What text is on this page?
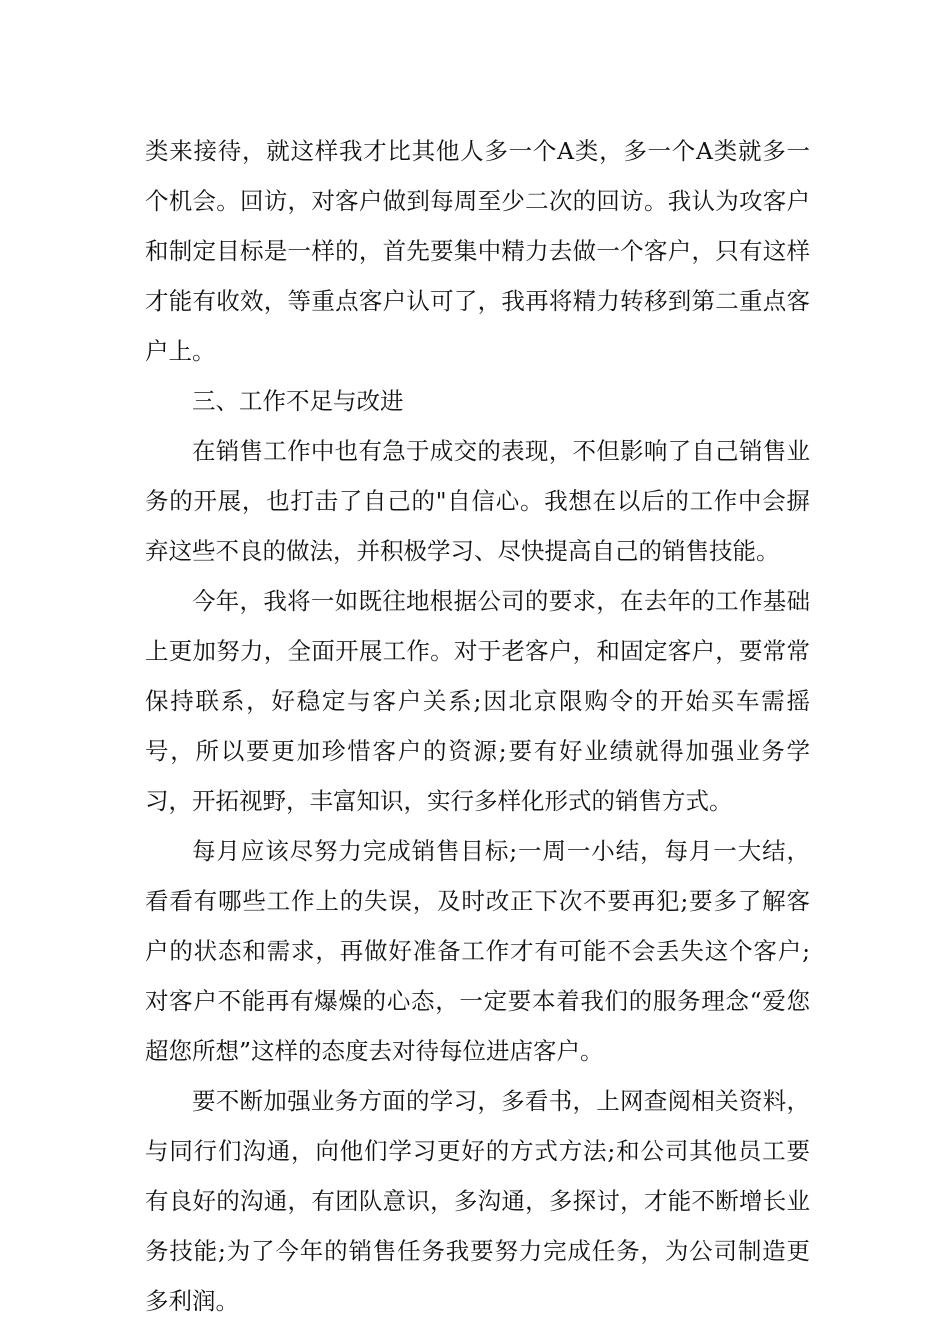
类来接待，就这样我才比其他人多一个A类，多一个A类就多一个机会。回访，对客户做到每周至少二次的回访。我认为攻客户和制定目标是一样的，首先要集中精力去做一个客户，只有这样才能有收效，等重点客户认可了，我再将精力转移到第二重点客户上。

三、工作不足与改进

在销售工作中也有急于成交的表现，不但影响了自己销售业务的开展，也打击了自己的"自信心。我想在以后的工作中会摒弃这些不良的做法，并积极学习、尽快提高自己的销售技能。

今年，我将一如既往地根据公司的要求，在去年的工作基础上更加努力，全面开展工作。对于老客户，和固定客户，要常常保持联系，好稳定与客户关系;因北京限购令的开始买车需摇号，所以要更加珍惜客户的资源;要有好业绩就得加强业务学习，开拓视野，丰富知识，实行多样化形式的销售方式。

每月应该尽努力完成销售目标;一周一小结，每月一大结，看看有哪些工作上的失误，及时改正下次不要再犯;要多了解客户的状态和需求，再做好准备工作才有可能不会丢失这个客户;对客户不能再有爆燥的心态，一定要本着我们的服务理念“爱您超您所想”这样的态度去对待每位进店客户。

要不断加强业务方面的学习，多看书，上网查阅相关资料，与同行们沟通，向他们学习更好的方式方法;和公司其他员工要有良好的沟通，有团队意识，多沟通，多探讨，才能不断增长业务技能;为了今年的销售任务我要努力完成任务，为公司制造更多利润。
